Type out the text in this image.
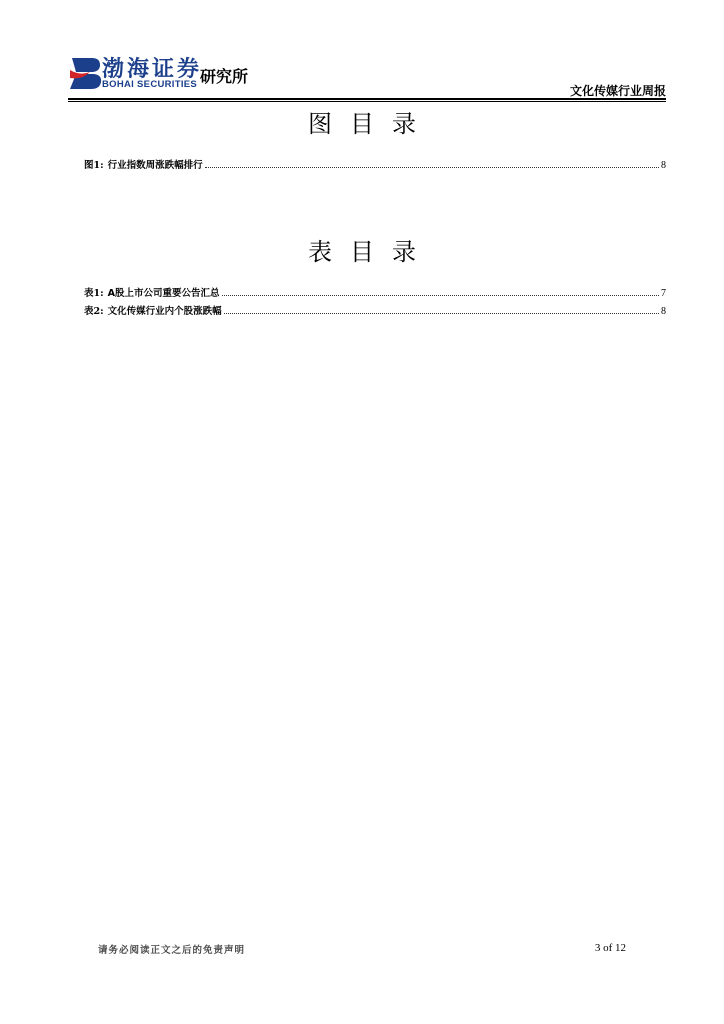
渤海证券
BOHAI SECURITIES 研究所
文化传媒行业周报
图目录
图 1: 行业指数周涨跌幅排行	8
表目录
表 1: A股上市公司重要公告汇总	7
表 2: 文化传媒行业内个股涨跌幅	8
请务必阅读正文之后的免责声明	3 of 12
